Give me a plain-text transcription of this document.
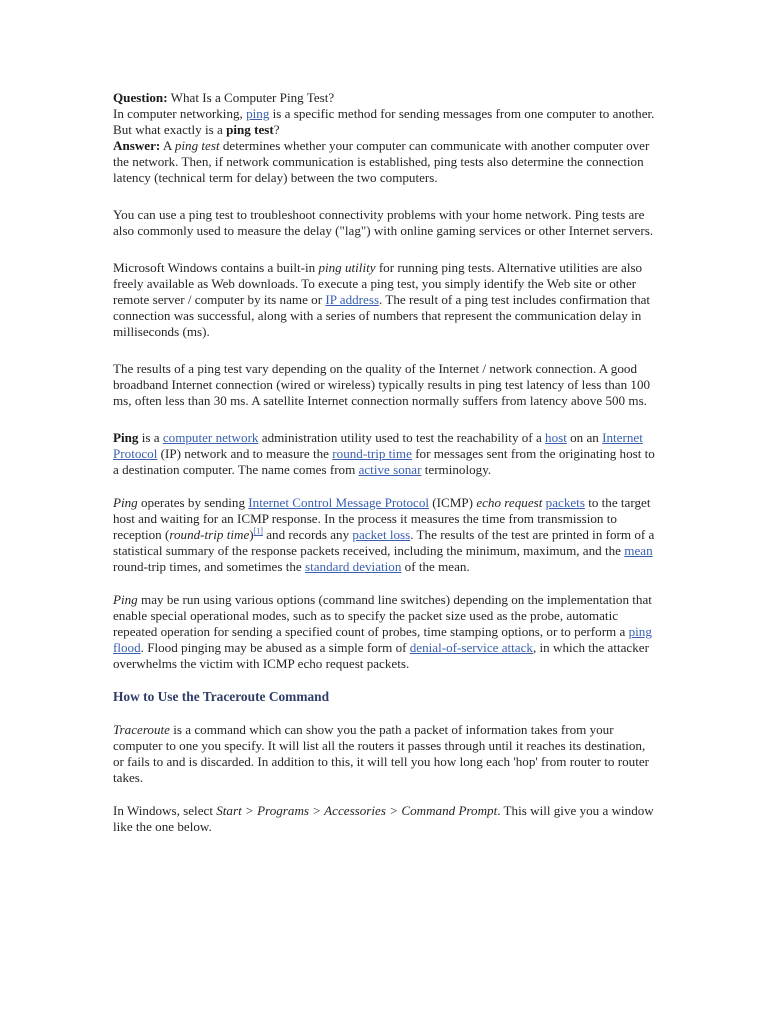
Question: What Is a Computer Ping Test?
In computer networking, ping is a specific method for sending messages from one computer to another. But what exactly is a ping test?
Answer: A ping test determines whether your computer can communicate with another computer over the network. Then, if network communication is established, ping tests also determine the connection latency (technical term for delay) between the two computers.

You can use a ping test to troubleshoot connectivity problems with your home network. Ping tests are also commonly used to measure the delay ("lag") with online gaming services or other Internet servers.

Microsoft Windows contains a built-in ping utility for running ping tests. Alternative utilities are also freely available as Web downloads. To execute a ping test, you simply identify the Web site or other remote server / computer by its name or IP address. The result of a ping test includes confirmation that connection was successful, along with a series of numbers that represent the communication delay in milliseconds (ms).

The results of a ping test vary depending on the quality of the Internet / network connection. A good broadband Internet connection (wired or wireless) typically results in ping test latency of less than 100 ms, often less than 30 ms. A satellite Internet connection normally suffers from latency above 500 ms.

Ping is a computer network administration utility used to test the reachability of a host on an Internet Protocol (IP) network and to measure the round-trip time for messages sent from the originating host to a destination computer. The name comes from active sonar terminology.

Ping operates by sending Internet Control Message Protocol (ICMP) echo request packets to the target host and waiting for an ICMP response. In the process it measures the time from transmission to reception (round-trip time)[1] and records any packet loss. The results of the test are printed in form of a statistical summary of the response packets received, including the minimum, maximum, and the mean round-trip times, and sometimes the standard deviation of the mean.

Ping may be run using various options (command line switches) depending on the implementation that enable special operational modes, such as to specify the packet size used as the probe, automatic repeated operation for sending a specified count of probes, time stamping options, or to perform a ping flood. Flood pinging may be abused as a simple form of denial-of-service attack, in which the attacker overwhelms the victim with ICMP echo request packets.

How to Use the Traceroute Command

Traceroute is a command which can show you the path a packet of information takes from your computer to one you specify. It will list all the routers it passes through until it reaches its destination, or fails to and is discarded. In addition to this, it will tell you how long each 'hop' from router to router takes.

In Windows, select Start > Programs > Accessories > Command Prompt. This will give you a window like the one below.
